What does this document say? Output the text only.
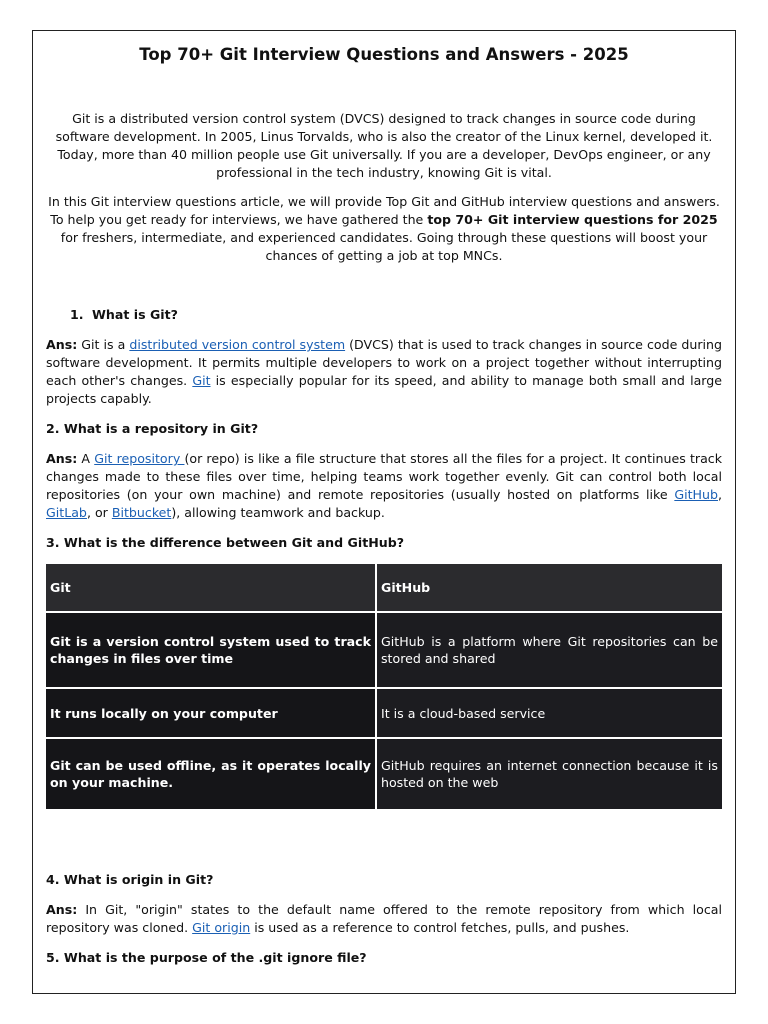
Top 70+ Git Interview Questions and Answers - 2025

Git is a distributed version control system (DVCS) designed to track changes in source code during software development. In 2005, Linus Torvalds, who is also the creator of the Linux kernel, developed it. Today, more than 40 million people use Git universally. If you are a developer, DevOps engineer, or any professional in the tech industry, knowing Git is vital.

In this Git interview questions article, we will provide Top Git and GitHub interview questions and answers. To help you get ready for interviews, we have gathered the top 70+ Git interview questions for 2025 for freshers, intermediate, and experienced candidates. Going through these questions will boost your chances of getting a job at top MNCs.

1. What is Git?

Ans: Git is a distributed version control system (DVCS) that is used to track changes in source code during software development. It permits multiple developers to work on a project together without interrupting each other's changes. Git is especially popular for its speed, and ability to manage both small and large projects capably.

2. What is a repository in Git?

Ans: A Git repository (or repo) is like a file structure that stores all the files for a project. It continues track changes made to these files over time, helping teams work together evenly. Git can control both local repositories (on your own machine) and remote repositories (usually hosted on platforms like GitHub, GitLab, or Bitbucket), allowing teamwork and backup.

3. What is the difference between Git and GitHub?

Git	GitHub
Git is a version control system used to track changes in files over time	GitHub is a platform where Git repositories can be stored and shared
It runs locally on your computer	It is a cloud-based service
Git can be used offline, as it operates locally on your machine.	GitHub requires an internet connection because it is hosted on the web

4. What is origin in Git?

Ans: In Git, "origin" states to the default name offered to the remote repository from which local repository was cloned. Git origin is used as a reference to control fetches, pulls, and pushes.

5. What is the purpose of the .git ignore file?
